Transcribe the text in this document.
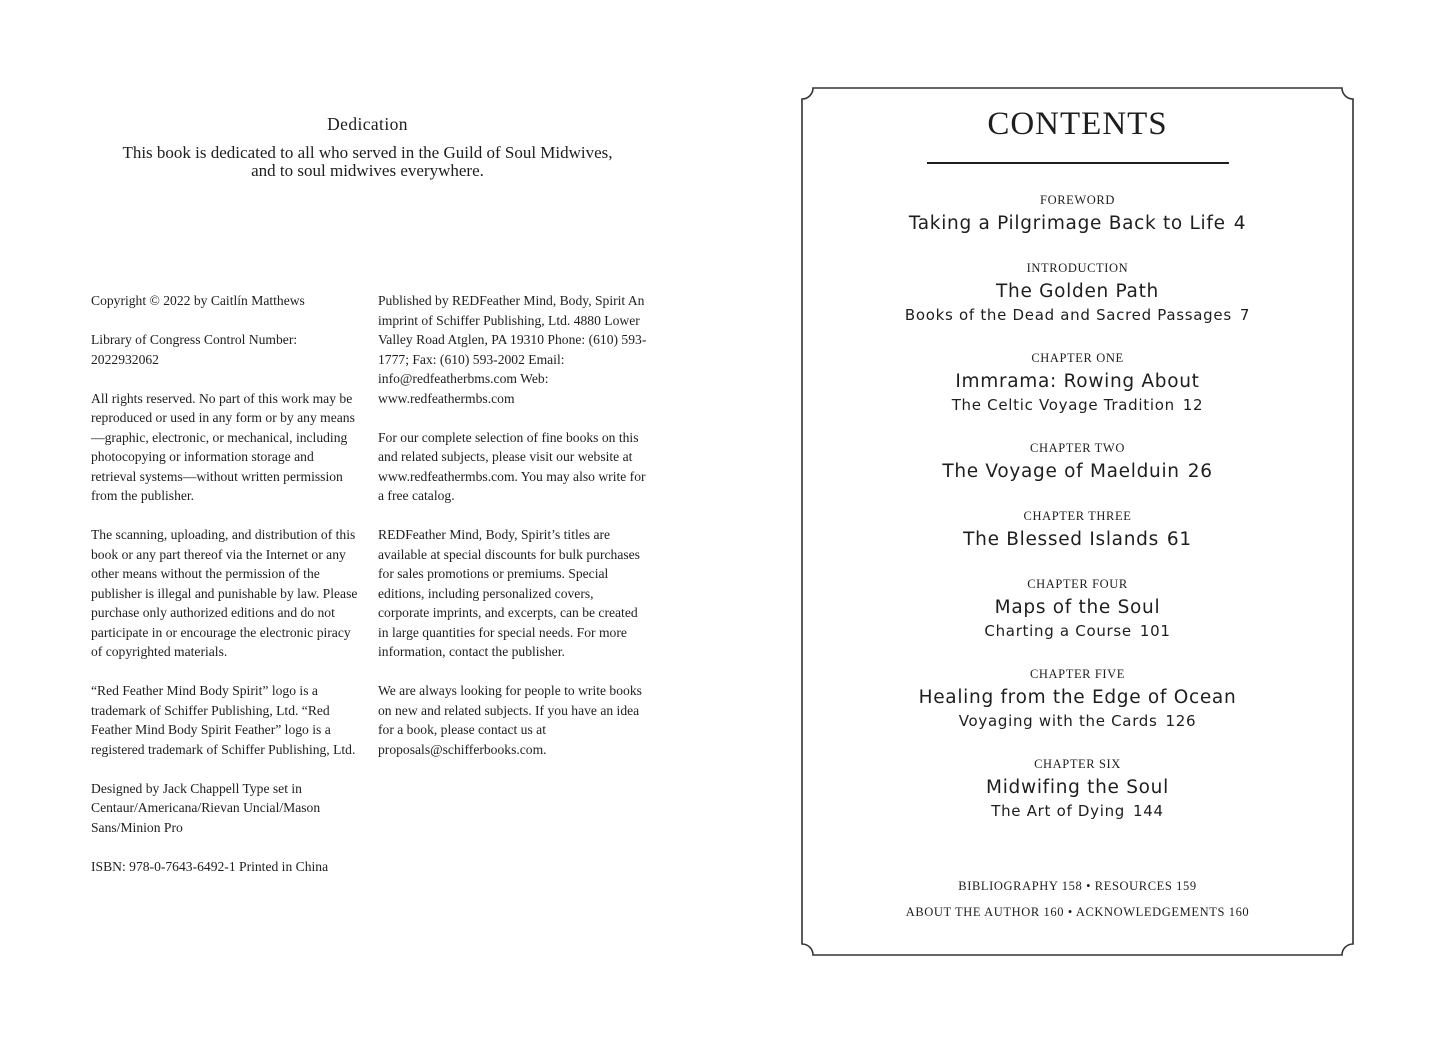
Dedication
This book is dedicated to all who served in the Guild of Soul Midwives, and to soul midwives everywhere.

Copyright © 2022 by Caitlín Matthews

Library of Congress Control Number: 2022932062

All rights reserved. No part of this work may be reproduced or used in any form or by any means—graphic, electronic, or mechanical, including photocopying or information storage and retrieval systems—without written permission from the publisher.

The scanning, uploading, and distribution of this book or any part thereof via the Internet or any other means without the permission of the publisher is illegal and punishable by law. Please purchase only authorized editions and do not participate in or encourage the electronic piracy of copyrighted materials.

“Red Feather Mind Body Spirit” logo is a trademark of Schiffer Publishing, Ltd. “Red Feather Mind Body Spirit Feather” logo is a registered trademark of Schiffer Publishing, Ltd.

Designed by Jack Chappell Type set in Centaur/Americana/Rievan Uncial/Mason Sans/Minion Pro

ISBN: 978-0-7643-6492-1 Printed in China

Published by REDFeather Mind, Body, Spirit An imprint of Schiffer Publishing, Ltd. 4880 Lower Valley Road Atglen, PA 19310 Phone: (610) 593-1777; Fax: (610) 593-2002 Email: info@redfeatherbms.com Web: www.redfeathermbs.com

For our complete selection of fine books on this and related subjects, please visit our website at www.redfeathermbs.com. You may also write for a free catalog.

REDFeather Mind, Body, Spirit’s titles are available at special discounts for bulk purchases for sales promotions or premiums. Special editions, including personalized covers, corporate imprints, and excerpts, can be created in large quantities for special needs. For more information, contact the publisher.

We are always looking for people to write books on new and related subjects. If you have an idea for a book, please contact us at proposals@schifferbooks.com.

CONTENTS
FOREWORD
Taking a Pilgrimage Back to Life 4
INTRODUCTION
The Golden Path
Books of the Dead and Sacred Passages 7
CHAPTER ONE
Immrama: Rowing About
The Celtic Voyage Tradition 12
CHAPTER TWO
The Voyage of Maelduin 26
CHAPTER THREE
The Blessed Islands 61
CHAPTER FOUR
Maps of the Soul
Charting a Course 101
CHAPTER FIVE
Healing from the Edge of Ocean
Voyaging with the Cards 126
CHAPTER SIX
Midwifing the Soul
The Art of Dying 144
BIBLIOGRAPHY 158 • RESOURCES 159
ABOUT THE AUTHOR 160 • ACKNOWLEDGEMENTS 160
